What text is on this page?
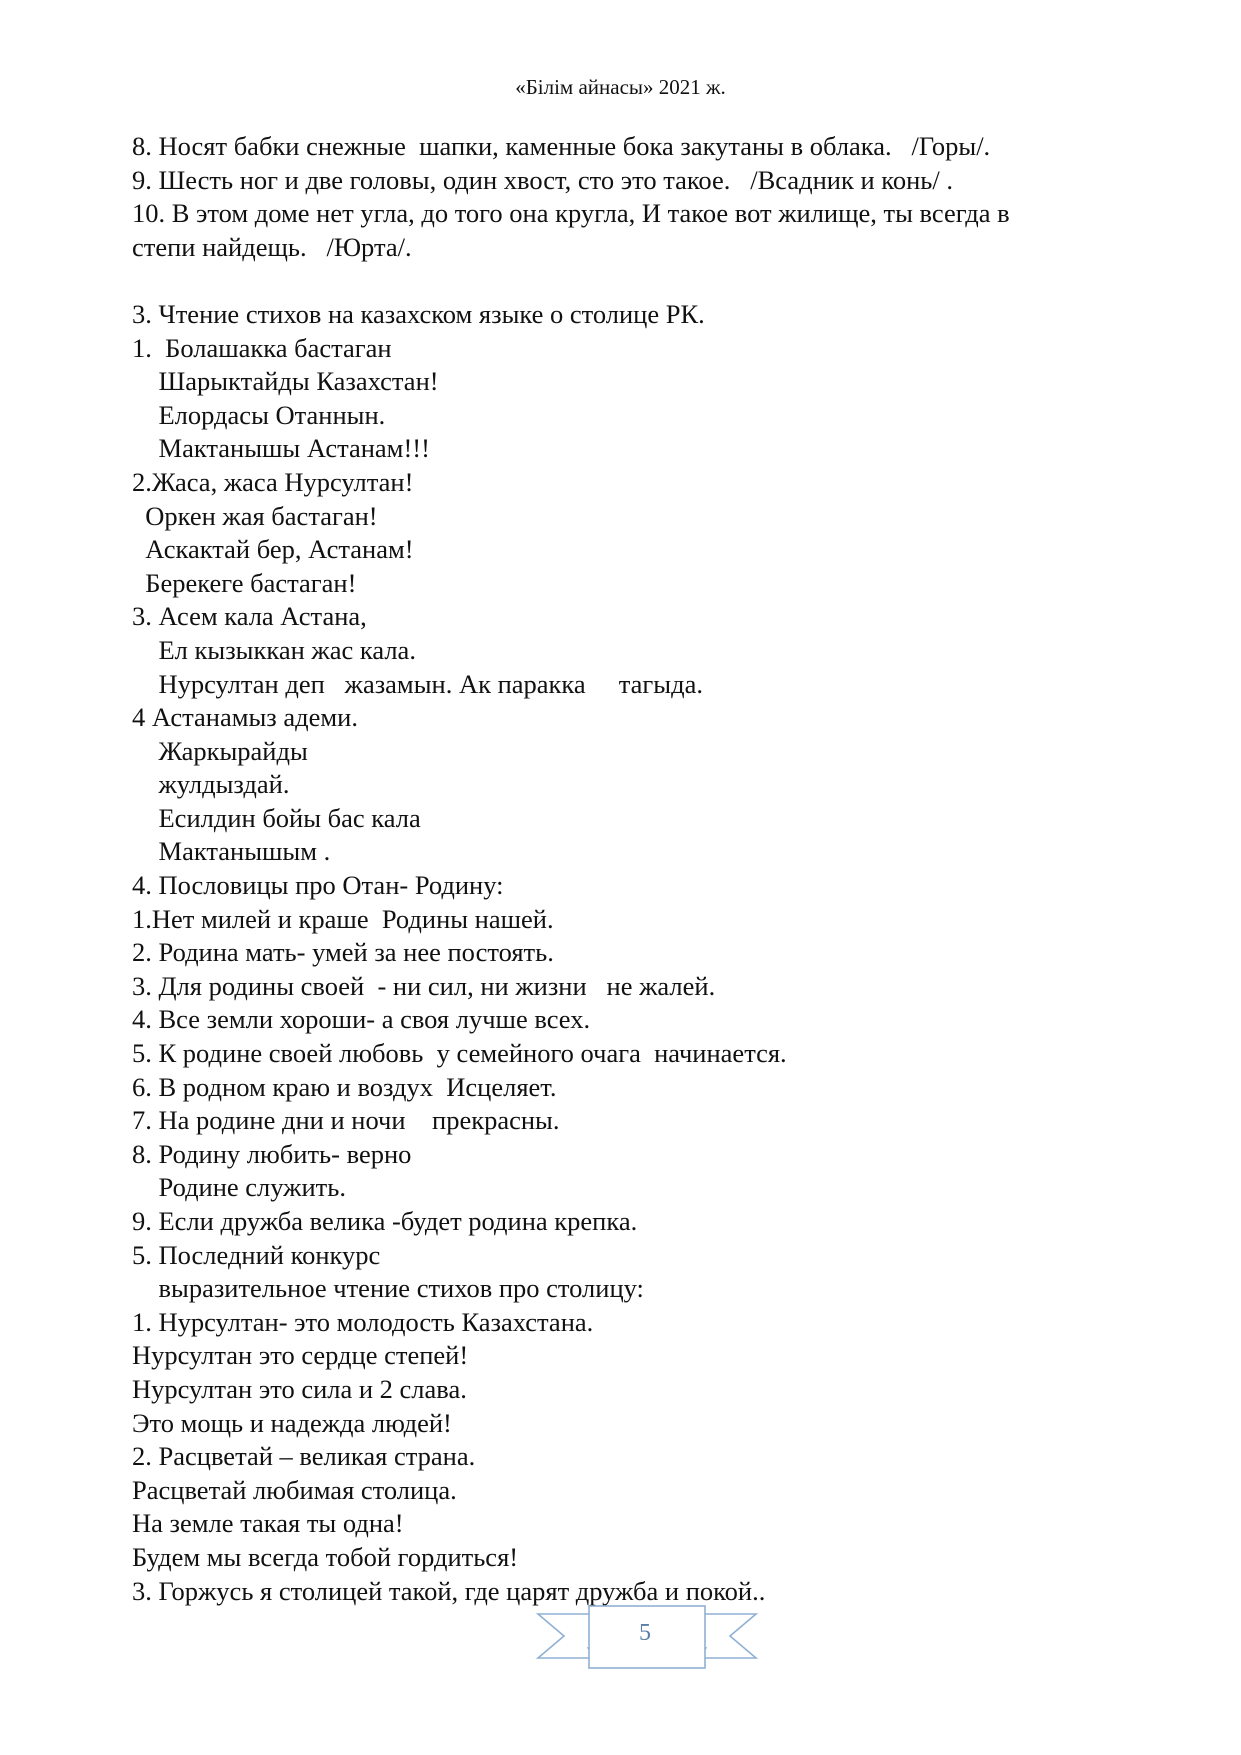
«Білім айнасы» 2021 ж.
8. Носят бабки снежные  шапки, каменные бока закутаны в облака.   /Горы/.
9. Шесть ног и две головы, один хвост, сто это такое.   /Всадник и конь/ .
10. В этом доме нет угла, до того она кругла, И такое вот жилище, ты всегда в
степи найдещь.   /Юрта/.
3. Чтение стихов на казахском языке о столице РК.
1.  Болашакка бастаган
Шарыктайды Казахстан!
Елордасы Отаннын.
Мактанышы Астанам!!!
2.Жаса, жаса Нурсултан!
Оркен жая бастаган!
Аскактай бер, Астанам!
Берекеге бастаган!
3. Асем кала Астана,
Ел кызыккан жас кала.
Нурсултан деп   жазамын. Ак паракка     тагыда.
4 Астанамыз адеми.
Жаркырайды
жулдыздай.
Есилдин бойы бас кала
Мактанышым .
4. Пословицы про Отан- Родину:
1.Нет милей и краше  Родины нашей.
2. Родина мать- умей за нее постоять.
3. Для родины своей  - ни сил, ни жизни   не жалей.
4. Все земли хороши- а своя лучше всех.
5. К родине своей любовь  у семейного очага  начинается.
6. В родном краю и воздух  Исцеляет.
7. На родине дни и ночи    прекрасны.
8. Родину любить- верно
Родине служить.
9. Если дружба велика -будет родина крепка.
5. Последний конкурс
выразительное чтение стихов про столицу:
1. Нурсултан- это молодость Казахстана.
Нурсултан это сердце степей!
Нурсултан это сила и 2 слава.
Это мощь и надежда людей!
2. Расцветай – великая страна.
Расцветай любимая столица.
На земле такая ты одна!
Будем мы всегда тобой гордиться!
3. Горжусь я столицей такой, где царят дружба и покой..
5
